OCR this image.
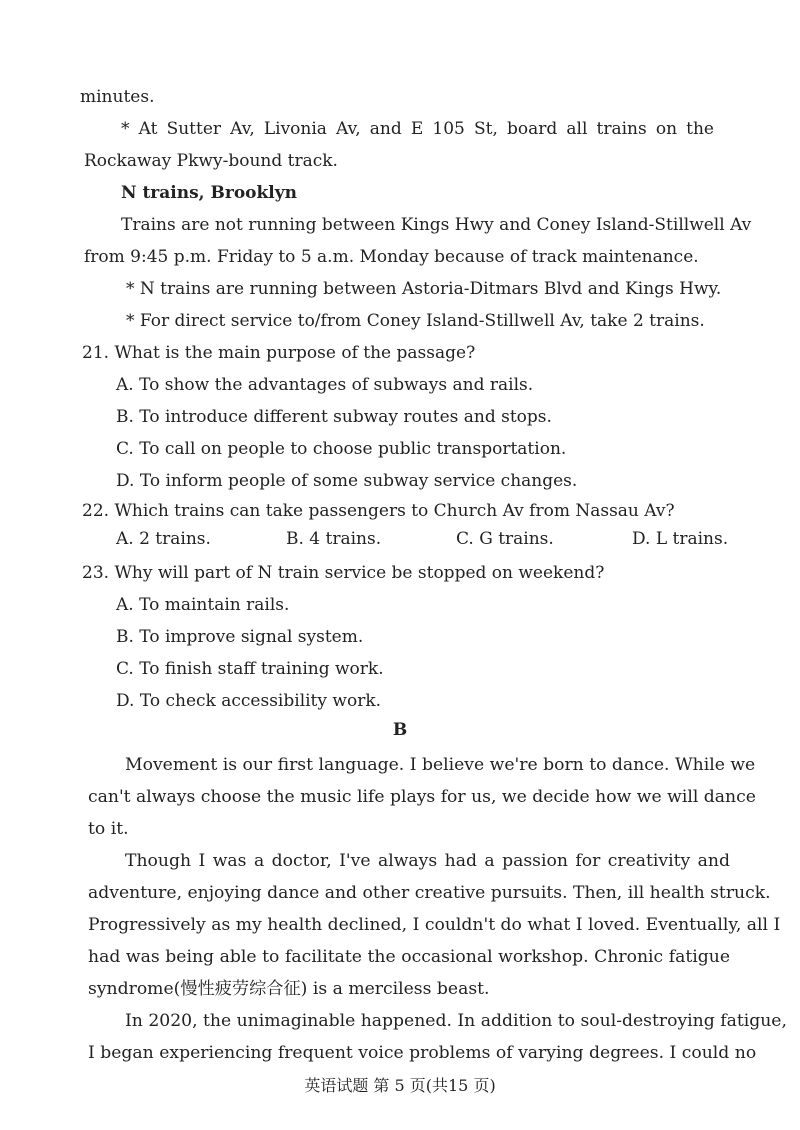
minutes.
* At Sutter Av, Livonia Av, and E 105 St, board all trains on the
Rockaway Pkwy-bound track.
N trains, Brooklyn
Trains are not running between Kings Hwy and Coney Island-Stillwell Av
from 9:45 p.m. Friday to 5 a.m. Monday because of track maintenance.
* N trains are running between Astoria-Ditmars Blvd and Kings Hwy.
* For direct service to/from Coney Island-Stillwell Av, take 2 trains.
21. What is the main purpose of the passage?
A. To show the advantages of subways and rails.
B. To introduce different subway routes and stops.
C. To call on people to choose public transportation.
D. To inform people of some subway service changes.
22. Which trains can take passengers to Church Av from Nassau Av?
A. 2 trains.	B. 4 trains.	C. G trains.	D. L trains.
23. Why will part of N train service be stopped on weekend?
A. To maintain rails.
B. To improve signal system.
C. To finish staff training work.
D. To check accessibility work.
B
Movement is our first language. I believe we're born to dance. While we
can't always choose the music life plays for us, we decide how we will dance
to it.
Though I was a doctor, I've always had a passion for creativity and
adventure, enjoying dance and other creative pursuits. Then, ill health struck.
Progressively as my health declined, I couldn't do what I loved. Eventually, all I
had was being able to facilitate the occasional workshop. Chronic fatigue
syndrome(慢性疲劳综合征) is a merciless beast.
In 2020, the unimaginable happened. In addition to soul-destroying fatigue,
I began experiencing frequent voice problems of varying degrees. I could no
英语试题 第 5 页(共15 页)
